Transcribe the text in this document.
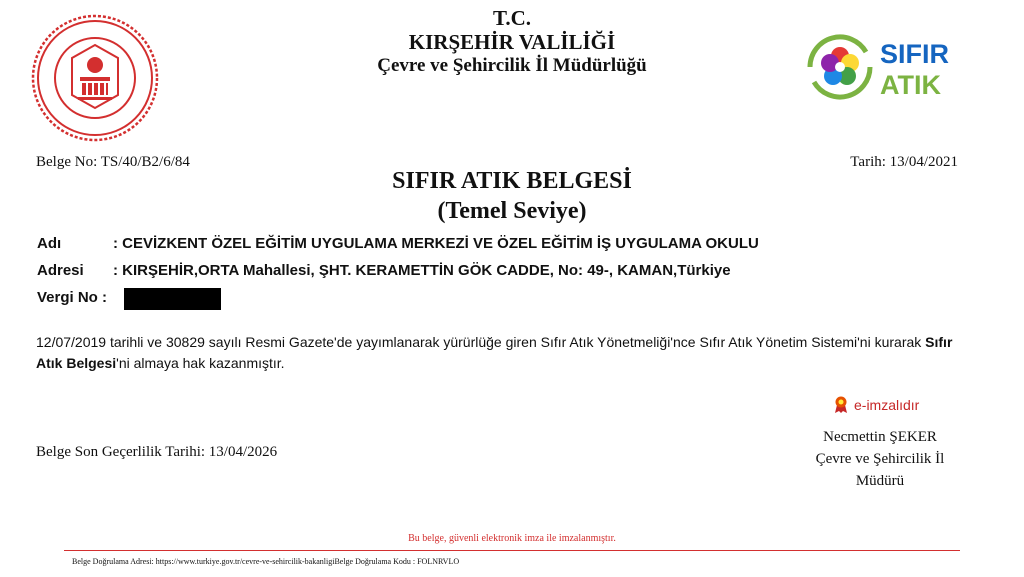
T.C.
KIRŞEHİR VALİLİĞİ
Çevre ve Şehircilik İl Müdürlüğü	SIFIR
ATIK
Belge No: TS/40/B2/6/84	Tarih: 13/04/2021
SIFIR ATIK BELGESİ
(Temel Seviye)
Adı	: CEVİZKENT ÖZEL EĞİTİM UYGULAMA MERKEZİ VE ÖZEL EĞİTİM İŞ UYGULAMA OKULU
Adresi : KIRŞEHİR,ORTA Mahallesi, ŞHT. KERAMETTİN GÖK CADDE, No: 49-, KAMAN,Türkiye
Vergi No :
12/07/2019 tarihli ve 30829 sayılı Resmi Gazete'de yayımlanarak yürürlüğe giren Sıfır Atık Yönetmeliği'nce Sıfır Atık Yönetim Sistemi'ni kurarak Sıfır Atık Belgesi'ni almaya hak kazanmıştır.
e-imzalıdır
Necmettin ŞEKER
Çevre ve Şehircilik İl
Müdürü
Belge Son Geçerlilik Tarihi: 13/04/2026
Bu belge, güvenli elektronik imza ile imzalanmıştır.
Belge Doğrulama Adresi: https://www.turkiye.gov.tr/cevre-ve-sehircilik-bakanligiBelge Doğrulama Kodu : FOLNRVLO
